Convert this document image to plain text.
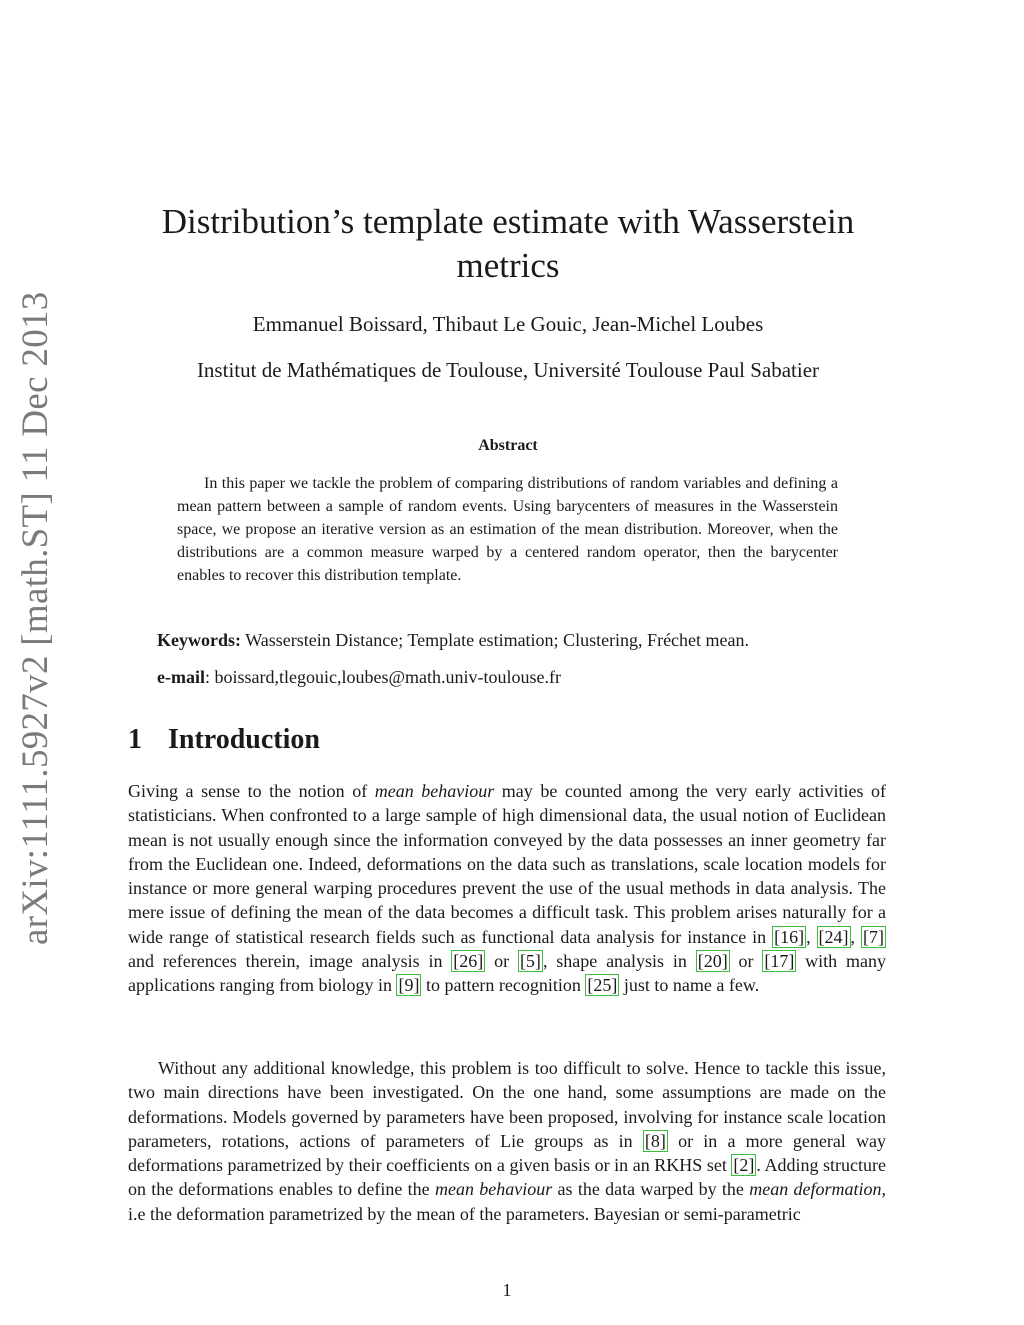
arXiv:1111.5927v2 [math.ST] 11 Dec 2013
Distribution’s template estimate with Wasserstein metrics

Emmanuel Boissard, Thibaut Le Gouic, Jean-Michel Loubes

Institut de Mathématiques de Toulouse, Université Toulouse Paul Sabatier

Abstract

In this paper we tackle the problem of comparing distributions of random variables and defining a mean pattern between a sample of random events. Using barycenters of measures in the Wasserstein space, we propose an iterative version as an estimation of the mean distribution. Moreover, when the distributions are a common measure warped by a centered random operator, then the barycenter enables to recover this distribution template.

Keywords: Wasserstein Distance; Template estimation; Clustering, Fréchet mean.

e-mail: boissard,tlegouic,loubes@math.univ-toulouse.fr

1 Introduction

Giving a sense to the notion of mean behaviour may be counted among the very early activities of statisticians. When confronted to a large sample of high dimensional data, the usual notion of Euclidean mean is not usually enough since the information conveyed by the data possesses an inner geometry far from the Euclidean one. Indeed, deformations on the data such as translations, scale location models for instance or more general warping procedures prevent the use of the usual methods in data analysis. The mere issue of defining the mean of the data becomes a difficult task. This problem arises naturally for a wide range of statistical research fields such as functional data analysis for instance in [16] , [24] , [7] and references therein, image analysis in [26] or [5] , shape analysis in [20] or [17] with many applications ranging from biology in [9] to pattern recognition [25] just to name a few.

Without any additional knowledge, this problem is too difficult to solve. Hence to tackle this issue, two main directions have been investigated. On the one hand, some assumptions are made on the deformations. Models governed by parameters have been proposed, involving for instance scale location parameters, rotations, actions of parameters of Lie groups as in [8] or in a more general way deformations parametrized by their coefficients on a given basis or in an RKHS set [2] . Adding structure on the deformations enables to define the mean behaviour as the data warped by the mean deformation, i.e the deformation parametrized by the mean of the parameters. Bayesian or semi-parametric

1
